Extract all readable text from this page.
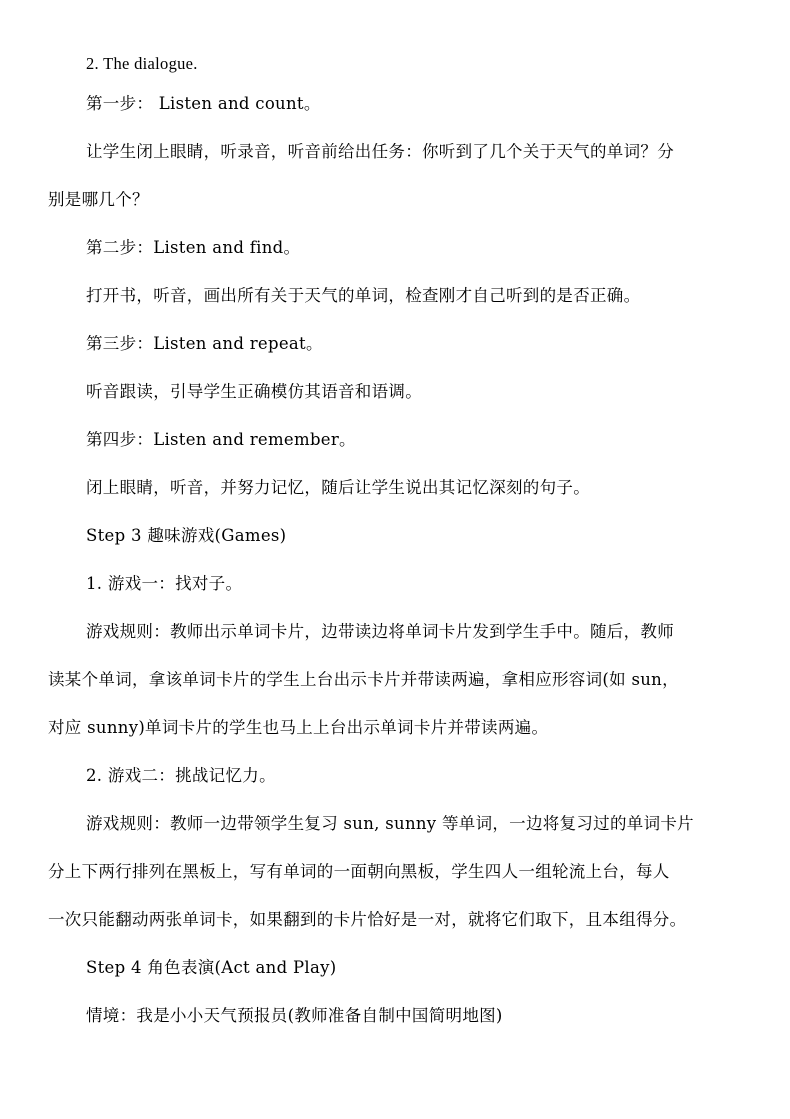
2. The dialogue.
第一步： Listen and count。
让学生闭上眼睛，听录音，听音前给出任务：你听到了几个关于天气的单词？分
别是哪几个？
第二步：Listen and find。
打开书，听音，画出所有关于天气的单词，检查刚才自己听到的是否正确。
第三步：Listen and repeat。
听音跟读，引导学生正确模仿其语音和语调。
第四步：Listen and remember。
闭上眼睛，听音，并努力记忆，随后让学生说出其记忆深刻的句子。
Step 3 趣味游戏(Games)
1. 游戏一：找对子。
游戏规则：教师出示单词卡片，边带读边将单词卡片发到学生手中。随后，教师
读某个单词，拿该单词卡片的学生上台出示卡片并带读两遍，拿相应形容词(如 sun，
对应 sunny)单词卡片的学生也马上上台出示单词卡片并带读两遍。
2. 游戏二：挑战记忆力。
游戏规则：教师一边带领学生复习 sun, sunny 等单词，一边将复习过的单词卡片
分上下两行排列在黑板上，写有单词的一面朝向黑板，学生四人一组轮流上台，每人
一次只能翻动两张单词卡，如果翻到的卡片恰好是一对，就将它们取下，且本组得分。
Step 4 角色表演(Act and Play)
情境：我是小小天气预报员(教师准备自制中国简明地图)
